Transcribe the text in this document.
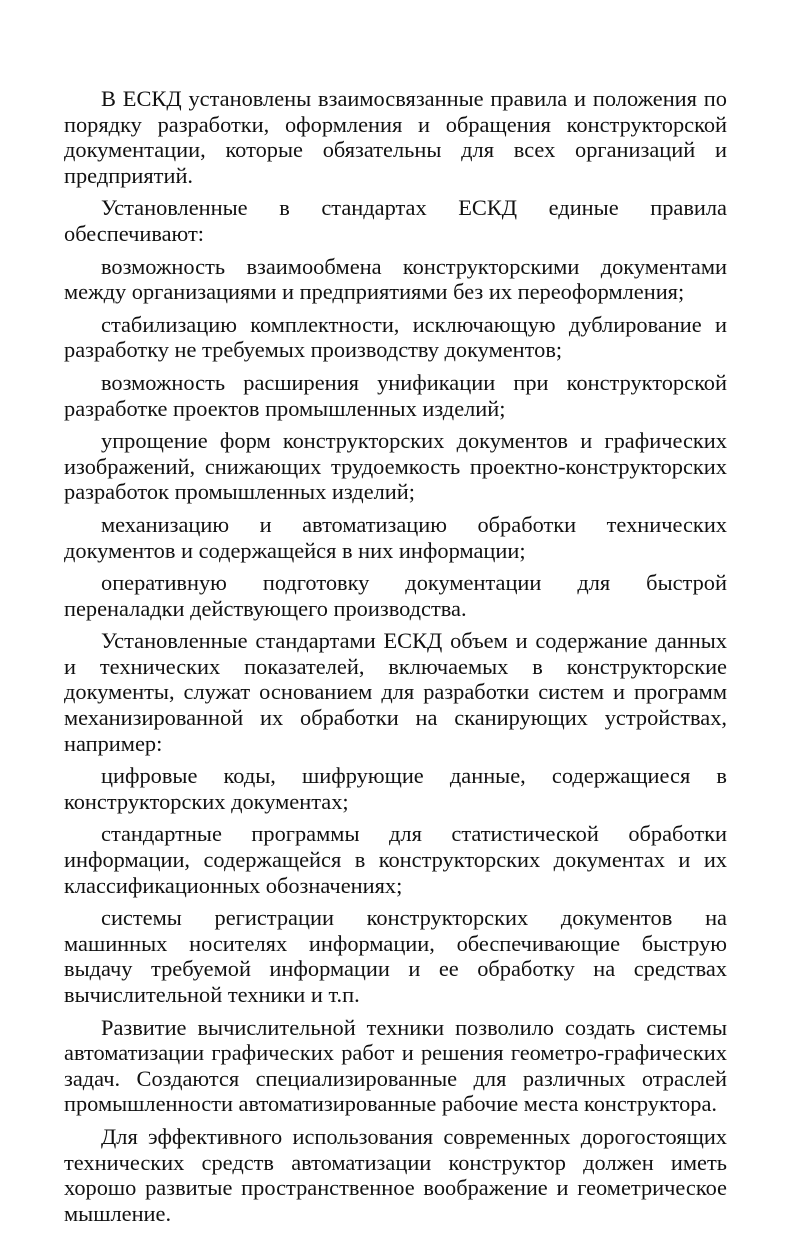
В ЕСКД установлены взаимосвязанные правила и положения по порядку разработки, оформления и обращения конструкторской документации, которые обязательны для всех организаций и предприятий.

Установленные в стандартах ЕСКД единые правила обеспечивают:

возможность взаимообмена конструкторскими документами между организациями и предприятиями без их переоформления;

стабилизацию комплектности, исключающую дублирование и разработку не требуемых производству документов;

возможность расширения унификации при конструкторской разработке проектов промышленных изделий;

упрощение форм конструкторских документов и графических изображений, снижающих трудоемкость проектно-конструкторских разработок промышленных изделий;

механизацию и автоматизацию обработки технических документов и содержащейся в них информации;

оперативную подготовку документации для быстрой переналадки действующего производства.

Установленные стандартами ЕСКД объем и содержание данных и технических показателей, включаемых в конструкторские документы, служат основанием для разработки систем и программ механизированной их обработки на сканирующих устройствах, например:

цифровые коды, шифрующие данные, содержащиеся в конструкторских документах;

стандартные программы для статистической обработки информации, содержащейся в конструкторских документах и их классификационных обозначениях;

системы регистрации конструкторских документов на машинных носителях информации, обеспечивающие быструю выдачу требуемой информации и ее обработку на средствах вычислительной техники и т.п.

Развитие вычислительной техники позволило создать системы автоматизации графических работ и решения геометро-графических задач. Создаются специализированные для различных отраслей промышленности автоматизированные рабочие места конструктора.

Для эффективного использования современных дорогостоящих технических средств автоматизации конструктор должен иметь хорошо развитые пространственное воображение и геометрическое мышление.
